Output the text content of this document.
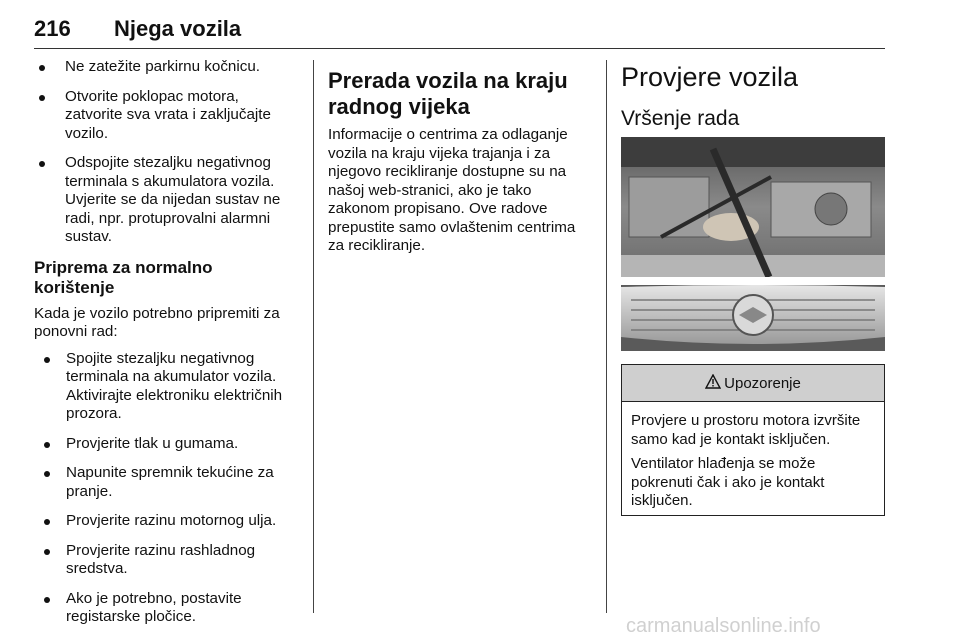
216 Njega vozila
Ne zatežite parkirnu kočnicu.
Otvorite poklopac motora, zatvorite sva vrata i zaključajte vozilo.
Odspojite stezaljku negativnog terminala s akumulatora vozila. Uvjerite se da nijedan sustav ne radi, npr. protuprovalni alarmni sustav.
Priprema za normalno korištenje

Kada je vozilo potrebno pripremiti za ponovni rad:

Spojite stezaljku negativnog terminala na akumulator vozila. Aktivirajte elektroniku električnih prozora.
Provjerite tlak u gumama.
Napunite spremnik tekućine za pranje.
Provjerite razinu motornog ulja.
Provjerite razinu rashladnog sredstva.
Ako je potrebno, postavite registarske pločice.
Prerada vozila na kraju radnog vijeka

Informacije o centrima za odlaganje vozila na kraju vijeka trajanja i za njegovo recikliranje dostupne su na našoj web-stranici, ako je tako zakonom propisano. Ove radove prepustite samo ovlaštenim centrima za recikliranje.

Provjere vozila
Vršenje rada
Upozorenje

Provjere u prostoru motora izvršite samo kad je kontakt isključen.

Ventilator hlađenja se može pokrenuti čak i ako je kontakt isključen.

carmanualsonline.info
